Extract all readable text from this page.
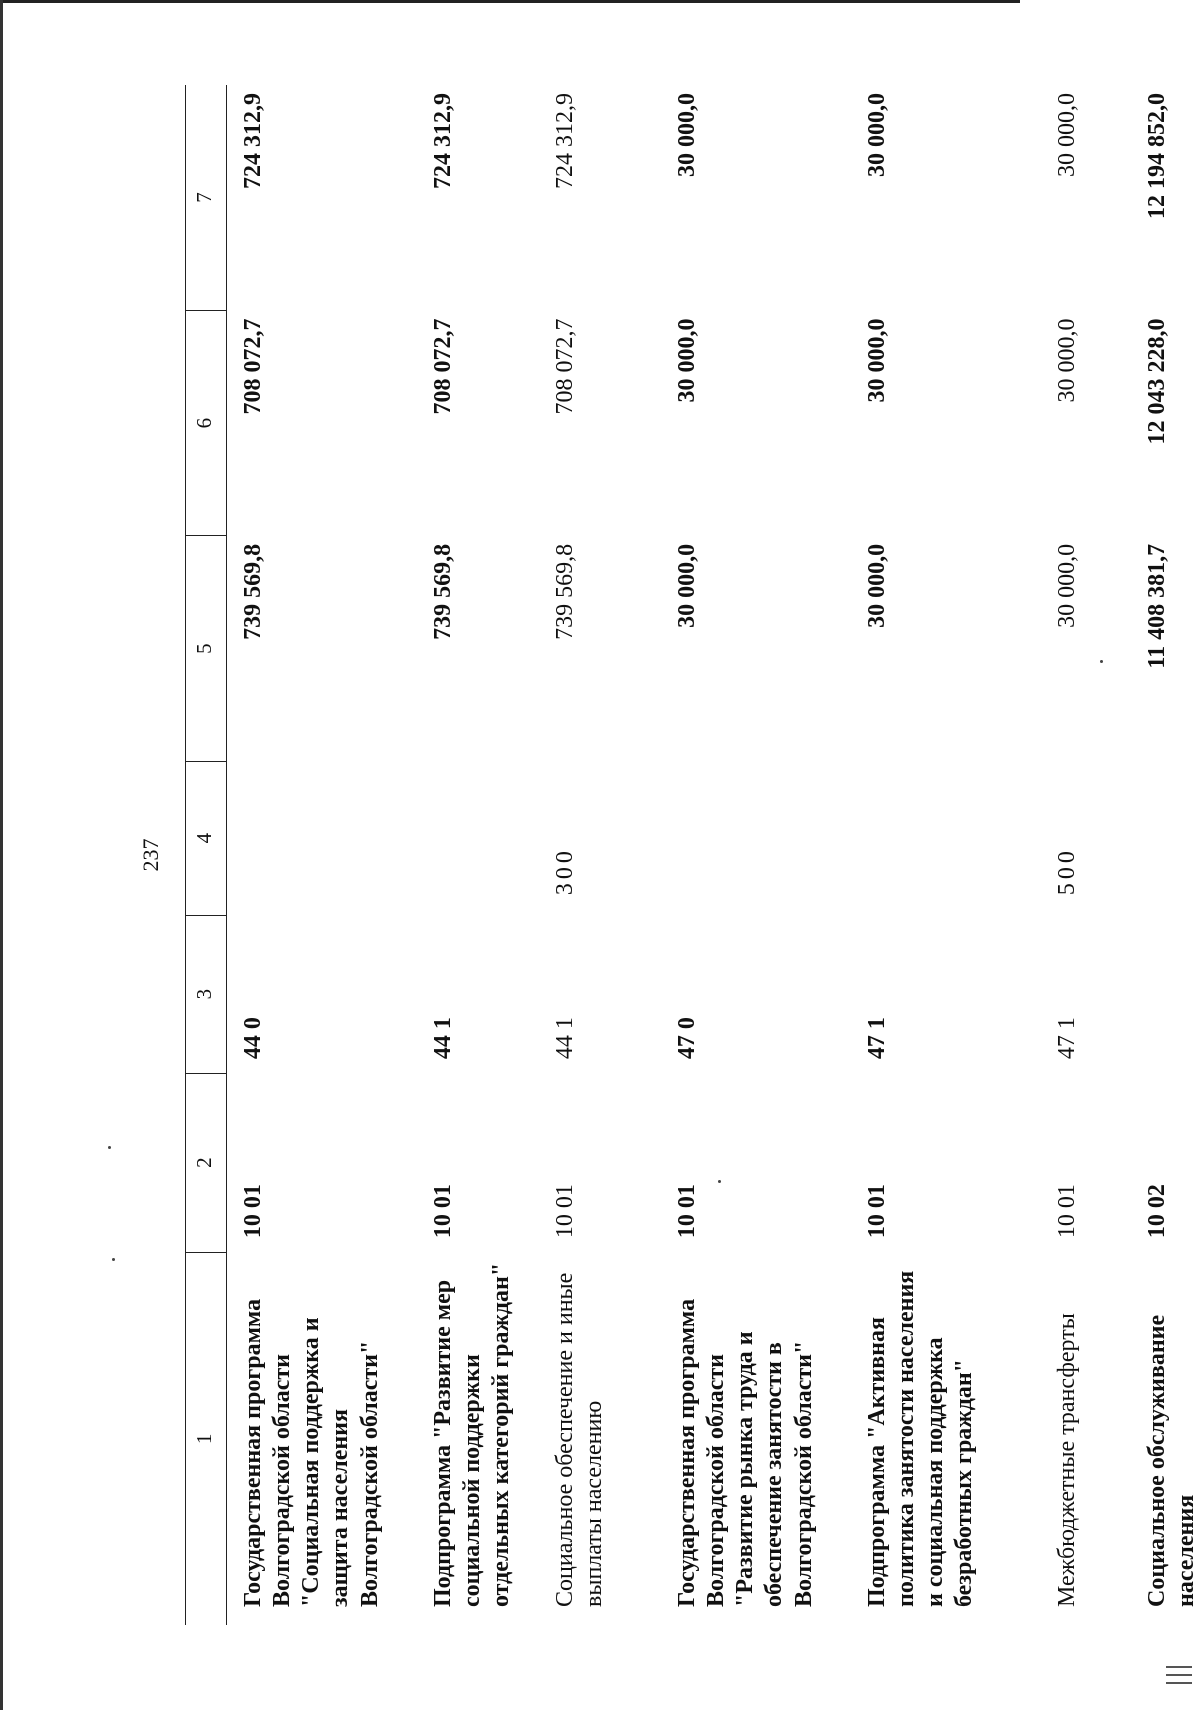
237
1	2	3	4	5	6	7
Государственная программа Волгоградской области "Социальная поддержка и защита населения Волгоградской области"	10 01	44 0		739 569,8	708 072,7	724 312,9
Подпрограмма "Развитие мер социальной поддержки отдельных категорий граждан"	10 01	44 1		739 569,8	708 072,7	724 312,9
Социальное обеспечение и иные выплаты населению	10 01	44 1	300	739 569,8	708 072,7	724 312,9
Государственная программа Волгоградской области "Развитие рынка труда и обеспечение занятости в Волгоградской области"	10 01	47 0		30 000,0	30 000,0	30 000,0
Подпрограмма "Активная политика занятости населения и социальная поддержка безработных граждан"	10 01	47 1		30 000,0	30 000,0	30 000,0
Межбюджетные трансферты	10 01	47 1	500	30 000,0	30 000,0	30 000,0
Социальное обслуживание населения	10 02			11 408 381,7	12 043 228,0	12 194 852,0
